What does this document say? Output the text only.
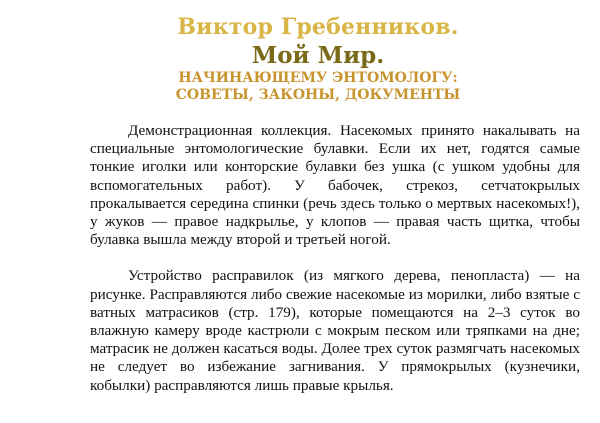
Виктор Гребенников.
Мой Мир.
НАЧИНАЮЩЕМУ ЭНТОМОЛОГУ: СОВЕТЫ, ЗАКОНЫ, ДОКУМЕНТЫ

Демонстрационная коллекция. Насекомых принято накалывать на специальные энтомологические булавки. Если их нет, годятся самые тонкие иголки или конторские булавки без ушка (с ушком удобны для вспомогательных работ). У бабочек, стрекоз, сетчатокрылых прокалывается середина спинки (речь здесь только о мертвых насекомых!), у жуков — правое надкрылье, у клопов — правая часть щитка, чтобы булавка вышла между второй и третьей ногой.

Устройство расправилок (из мягкого дерева, пенопласта) — на рисунке. Расправляются либо свежие насекомые из морилки, либо взятые с ватных матрасиков (стр. 179), которые помещаются на 2–3 суток во влажную камеру вроде кастрюли с мокрым песком или тряпками на дне; матрасик не должен касаться воды. Долее трех суток размягчать насекомых не следует во избежание загнивания. У прямокрылых (кузнечики, кобылки) расправляются лишь правые крылья.
